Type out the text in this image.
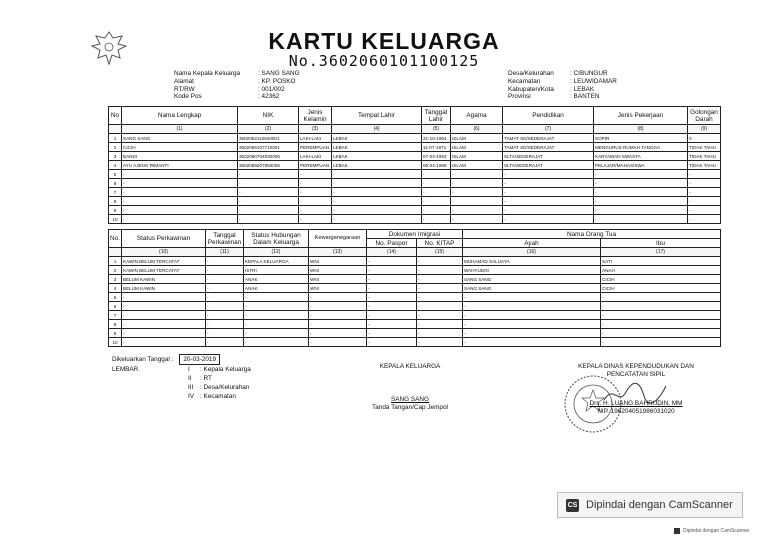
KARTU KELUARGA
No.3602060101100125
Nama Kepala Keluarga	: SANG SANG
Alamat	: KP. POSKO
RT/RW	: 001/002
Kode Pos	: 42362
Desa/Kelurahan	: CIBUNGUR
Kecamatan	: LEUWIDAMAR
Kabupaten/Kota	: LEBAK
Provinsi	: BANTEN
No	Nama Lengkap	NIK	Jenis Kelamin	Tempat Lahir	Tanggal Lahir	Agama	Pendidikan	Jenis Pekerjaan	Golongan Darah
	(1)	(2)	(3)	(4)	(5)	(6)	(7)	(8)	(9)
1	SANG SANG	3602062110640001	LAKI-LAKI	LEBAK	21-10-1964	ISLAM	TAMAT SD/SEDERAJAT	SOPIR	0
2	CICIH	3602065107710001	PEREMPUAN	LEBAK	11-07-1971	ISLAM	TAMAT SD/SEDERAJAT	MENGURUS RUMAH TANGGA	TIDAK TAHU
3	BANDI	3602060704930006	LAKI-LAKI	LEBAK	07-04-1993	ISLAM	SLTA/SEDERAJAT	KARYAWAN SWASTA	TIDAK TAHU
4	AYU AJENG RIMANTI	3602065507950005	PEREMPUAN	LEBAK	05-04-1998	ISLAM	SLTA/SEDERAJAT	PELAJAR/MAHASISWA	TIDAK TAHU
5	-	-	-	-	-	-	-	-	-
6	-	-	-	-	-	-	-	-	-
7	-	-	-	-	-	-	-	-	-
8	-	-	-	-	-	-	-	-	-
9	-	-	-	-	-	-	-	-	-
10	-	-	-	-	-	-	-	-	-
No.	Status Perkawinan	Tanggal Perkawinan	Status Hubungan Dalam Keluarga	Kewarganegaraan	Dokumen Imigrasi		Nama Orang Tua	
					No. Paspor	No. KITAP	Ayah	Ibu
	(10)	(11)	(12)	(13)	(14)	(15)	(16)	(17)
1	KAWIN BELUM TERCATAT	-	KEPALA KELUARGA	WNI	-	-	MUHAMAD SALUAYA	SATI
2	KAWIN BELUM TERCATAT	-	ISTRI	WNI	-	-	WAHYUDIN	ANAH
3	BELUM KAWIN	-	ANAK	WNI	-	-	SANG SANG	CICIH
4	BELUM KAWIN	-	ANAK	WNI	-	-	SANG SANG	CICIH
5	-	-	-	-	-	-	-	-
6	-	-	-	-	-	-	-	-
7	-	-	-	-	-	-	-	-
8	-	-	-	-	-	-	-	-
9	-	-	-	-	-	-	-	-
10	-	-	-	-	-	-	-	-
Dikeluarkan Tanggal : 20-03-2019
LEMBAR	I : Kepala Keluarga
II : RT
III : Desa/Kelurahan
IV : Kecamatan
KEPALA KELUARGA
SANG SANG
Tanda Tangan/Cap Jempol
KEPALA DINAS KEPENDUDUKAN DAN
PENCATATAN SIPIL
Drs. H. LUANG BAHRUDIN, MM
NIP. 196204051986031020
CS Dipindai dengan CamScanner
Dipindai dengan CamScanner
